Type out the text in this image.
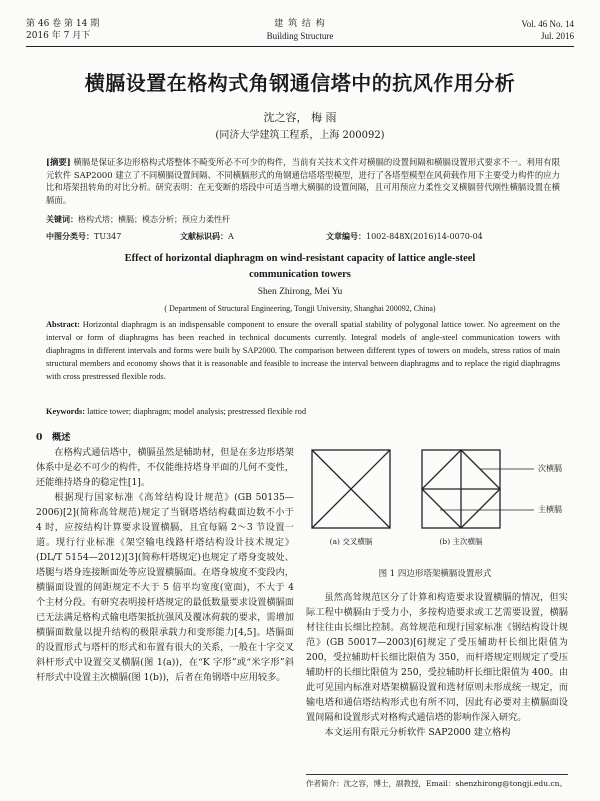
第 46 卷 第 14 期
2016 年 7 月下
建 筑 结 构
Building Structure
Vol. 46 No. 14
Jul. 2016
横膈设置在格构式角钢通信塔中的抗风作用分析
沈之容， 梅 雨
(同济大学建筑工程系，上海 200092)
[摘要] 横膈是保证多边形格构式塔整体不畸变所必不可少的构件，当前有关技术文件对横膈的设置间隔和横膈设置形式要求不一。利用有限元软件 SAP2000 建立了不同横膈设置间隔、不同横膈形式的角钢通信塔塔型模型，进行了各塔型模型在风荷载作用下主要受力构件的应力比和塔架扭转角的对比分析。研究表明：在无变断的塔段中可适当增大横膈的设置间隔，且可用预应力柔性交叉横膈替代刚性横膈设置在横膈面。
关键词：格构式塔；横膈；模态分析；预应力柔性杆
中图分类号：TU347	文献标识码：A	文章编号：1002-848X(2016)14-0070-04
Effect of horizontal diaphragm on wind-resistant capacity of lattice angle-steel
communication towers
Shen Zhirong, Mei Yu
( Department of Structural Engineering, Tongji University, Shanghai 200092, China)
Abstract: Horizontal diaphragm is an indispensable component to ensure the overall spatial stability of polygonal lattice tower. No agreement on the interval or form of diaphragms has been reached in technical documents currently. Integral models of angle-steel communication towers with diaphragms in different intervals and forms were built by SAP2000. The comparison between different types of towers on models, stress ratios of main structural members and economy shows that it is reasonable and feasible to increase the interval between diaphragms and to replace the rigid diaphragms with cross prestressed flexible rods.
Keywords: lattice tower; diaphragm; model analysis; prestressed flexible rod

0 概述

在格构式通信塔中，横膈虽然是辅助材，但是在多边形塔架体系中是必不可少的构件，不仅能维持塔身平面的几何不变性，还能维持塔身的稳定性[1]。

根据现行国家标准《高耸结构设计规范》(GB 50135—2006)[2](简称高耸规范)规定了当钢塔塔结构截面边数不小于 4 时，应按结构计算要求设置横膈，且宜每隔 2～3 节设置一道。现行行业标准《架空输电线路杆塔结构设计技术规定》(DL/T 5154—2012)[3](简称杆塔规定)也规定了塔身变坡处、塔腿与塔身连接断面处等应设置横膈面。在塔身坡度不变段内，横膈面设置的间距规定不大于 5 倍平均宽度(宽面)，不大于 4 个主材分段。有研究表明接杆塔规定的最低数量要求设置横膈面已无法满足格构式输电塔架抵抗强风及覆冰荷载的要求，需增加横膈面数量以提升结构的极限承载力和变形能力[4,5]。塔膈面的设置形式与塔杆的形式和布置有很大的关系，一般在十字交叉斜杆形式中设置交叉横膈(图 1(a))，在“K 字形”或“米字形”斜杆形式中设置主次横膈(图 1(b))，后者在角钢塔中应用较多。

次横膈
主横膈
(a) 交叉横膈	(b) 主次横膈
图 1 四边形塔架横膈设置形式

虽然高耸规范区分了计算和构造要求设置横膈的情况，但实际工程中横膈由于受力小，多按构造要求或工艺需要设置，横膈材往往由长细比控制。高耸规范和现行国家标准《钢结构设计规范》(GB 50017—2003)[6]规定了受压辅助杆长细比限值为 200，受拉辅助杆长细比限值为 350，而杆塔规定则规定了受压辅助杆的长细比限值为 250，受拉辅助杆长细比限值为 400。由此可见国内标准对塔架横膈设置和选材原则未形成统一规定，而输电塔和通信塔结构形式也有所不同，因此有必要对主横膈面设置间隔和设置形式对格构式通信塔的影响作深入研究。

本文运用有限元分析软件 SAP2000 建立格构

作者简介：沈之容，博士，副教授，Email：shenzhirong@tongji.edu.cn。
